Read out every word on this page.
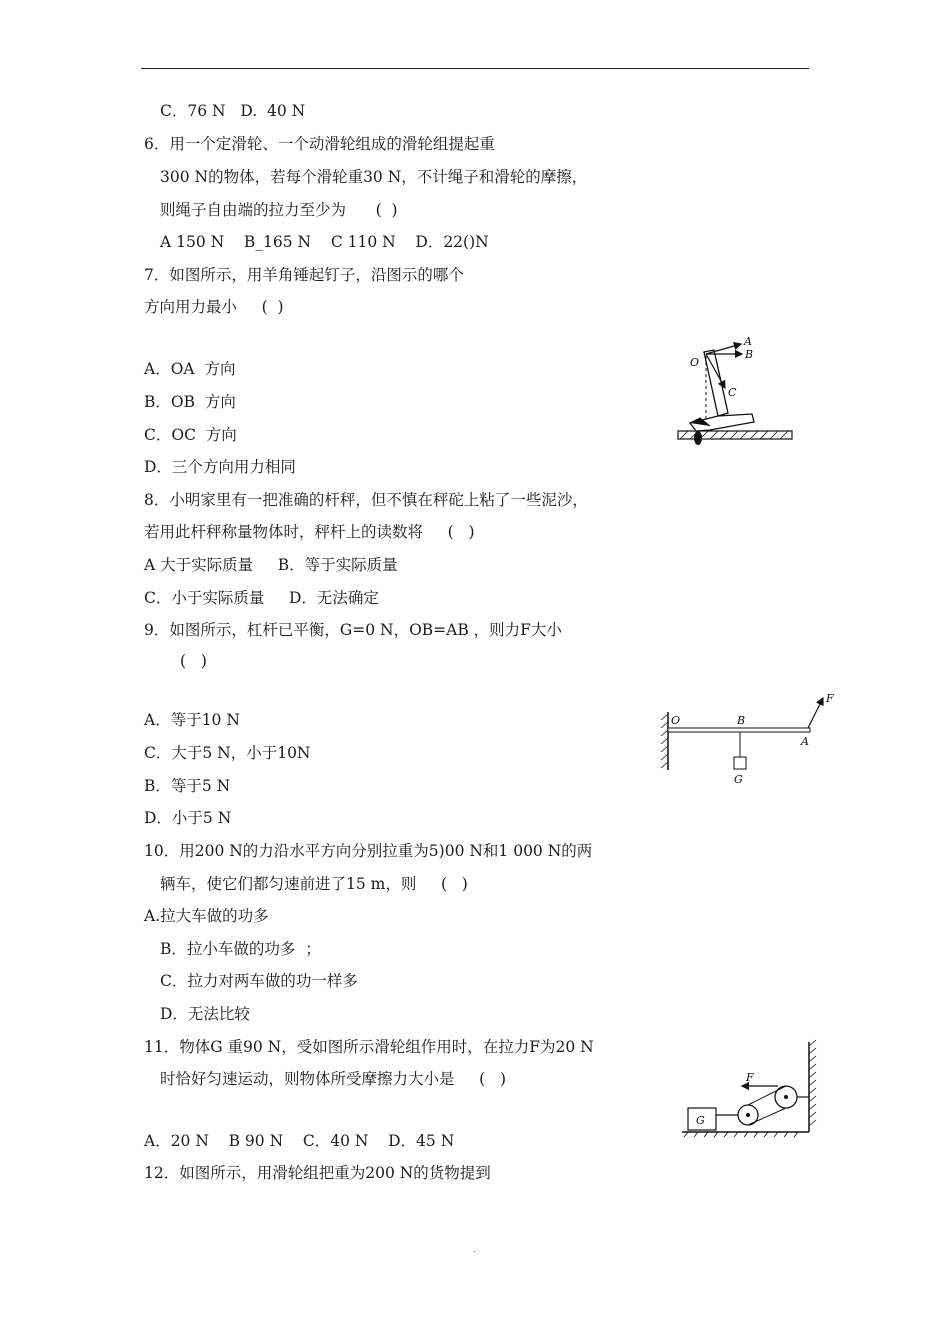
.
C．76 N   D.  40 N
6．用一个定滑轮、一个动滑轮组成的滑轮组提起重
300 N的物体，若每个滑轮重30 N，不计绳子和滑轮的摩擦，
则绳子自由端的拉力至少为      (  )
A 150 N    B_165 N    C 110 N    D．22()N
7．如图所示，用羊角锤起钉子，沿图示的哪个
方向用力最小     (  )
A．OA  方向
B．OB  方向
C．OC  方向
D．三个方向用力相同
8．小明家里有一把准确的杆秤，但不慎在秤砣上粘了一些泥沙，
若用此杆秤称量物体时，秤杆上的读数将     (   )
A 大于实际质量     B．等于实际质量
C．小于实际质量     D．无法确定
9．如图所示，杠杆已平衡，G=0 N，OB=AB ，则力F大小
(   )
A．等于10 N
C．大于5 N，小于10N
B．等于5 N
D．小于5 N
10．用200 N的力沿水平方向分别拉重为5)00 N和1 000 N的两
辆车，使它们都匀速前进了15 m，则     (   )
A.拉大车做的功多
B．拉小车做的功多  ；
C．拉力对两车做的功一样多
D．无法比较
11．物体G 重90 N，受如图所示滑轮组作用时，在拉力F为20 N
时恰好匀速运动，则物体所受摩擦力大小是     (   )
A．20 N    B 90 N    C．40 N    D．45 N
12．如图所示，用滑轮组把重为200 N的货物提到
O
A
B
C
O	B
A
F
G
F
G
.
